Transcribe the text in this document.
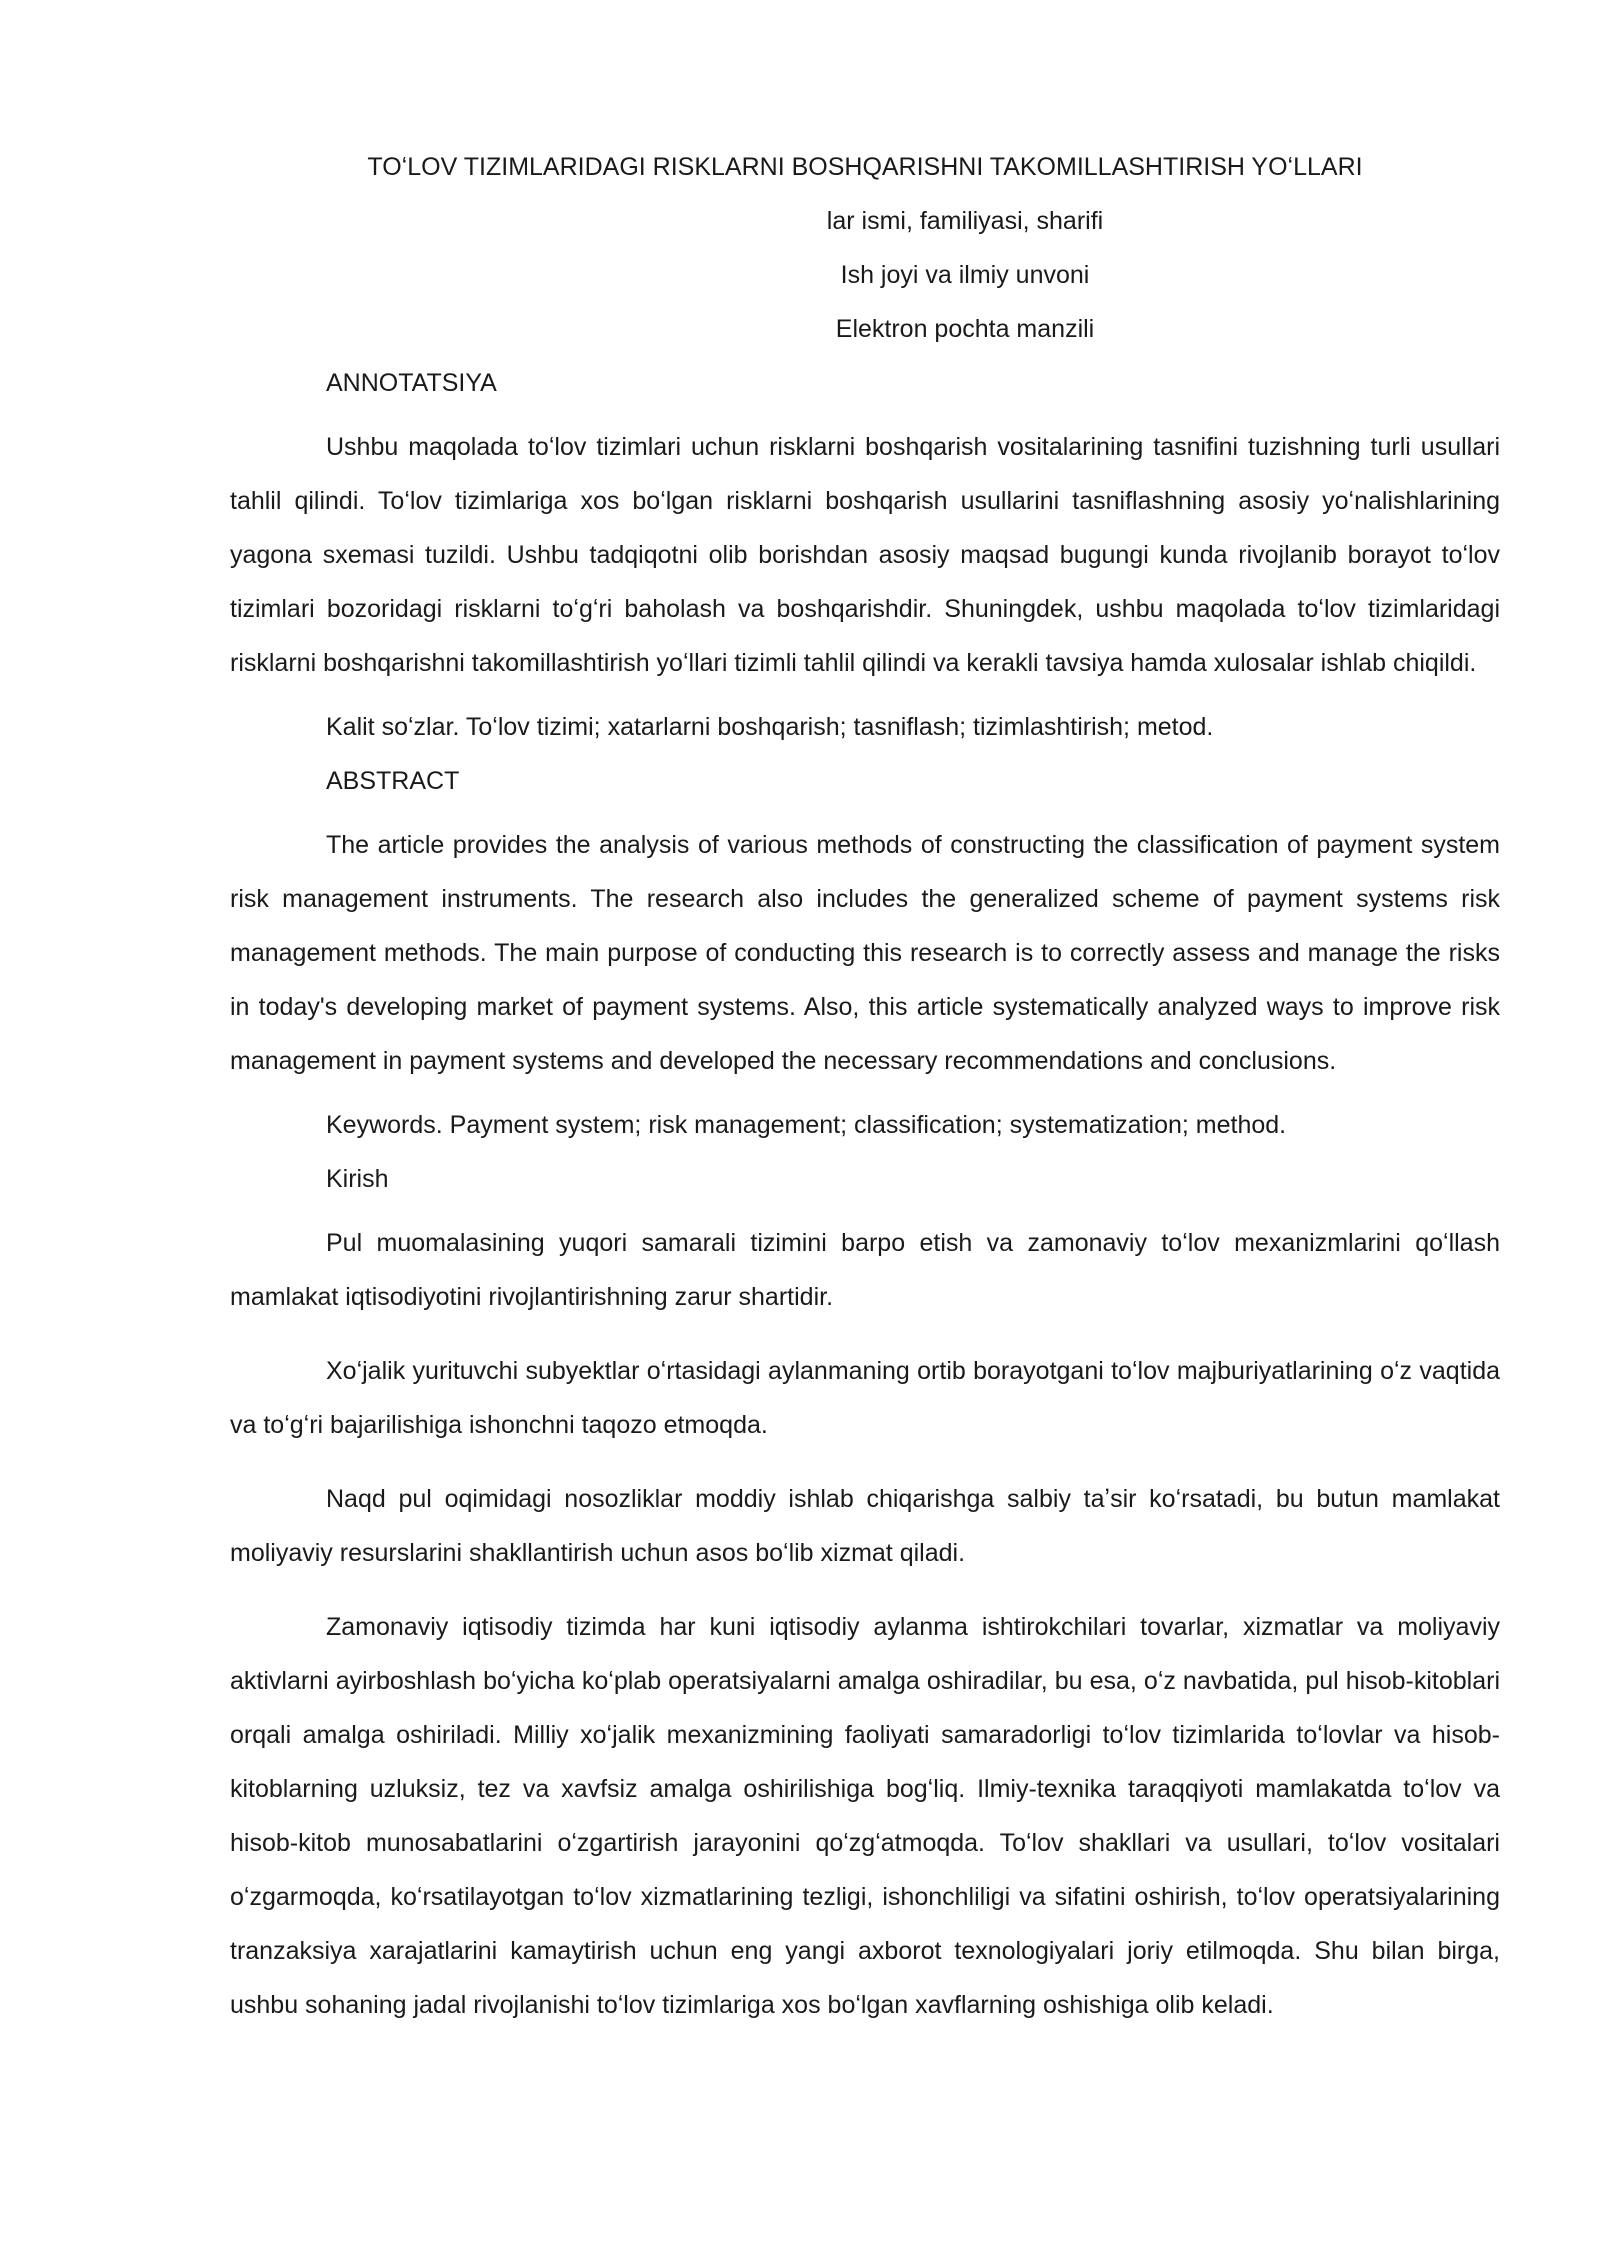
TOʻLOV TIZIMLARIDAGI RISKLARNI BOSHQARISHNI TAKOMILLASHTIRISH YOʻLLARI
lar ismi, familiyasi, sharifi
Ish joyi va ilmiy unvoni
Elektron pochta manzili
ANNOTATSIYA

Ushbu maqolada toʻlov tizimlari uchun risklarni boshqarish vositalarining tasnifini tuzishning turli usullari tahlil qilindi. Toʻlov tizimlariga xos boʻlgan risklarni boshqarish usullarini tasniflashning asosiy yoʻnalishlarining yagona sxemasi tuzildi. Ushbu tadqiqotni olib borishdan asosiy maqsad bugungi kunda rivojlanib borayot toʻlov tizimlari bozoridagi risklarni toʻgʻri baholash va boshqarishdir. Shuningdek, ushbu maqolada toʻlov tizimlaridagi risklarni boshqarishni takomillashtirish yoʻllari tizimli tahlil qilindi va kerakli tavsiya hamda xulosalar ishlab chiqildi.

Kalit soʻzlar. Toʻlov tizimi; xatarlarni boshqarish; tasniflash; tizimlashtirish; metod.
ABSTRACT

The article provides the analysis of various methods of constructing the classification of payment system risk management instruments. The research also includes the generalized scheme of payment systems risk management methods. The main purpose of conducting this research is to correctly assess and manage the risks in today's developing market of payment systems. Also, this article systematically analyzed ways to improve risk management in payment systems and developed the necessary recommendations and conclusions.

Keywords. Payment system; risk management; classification; systematization; method.
Kirish

Pul muomalasining yuqori samarali tizimini barpo etish va zamonaviy toʻlov mexanizmlarini qoʻllash mamlakat iqtisodiyotini rivojlantirishning zarur shartidir.

Xoʻjalik yurituvchi subyektlar oʻrtasidagi aylanmaning ortib borayotgani toʻlov majburiyatlarining oʻz vaqtida va toʻgʻri bajarilishiga ishonchni taqozo etmoqda.

Naqd pul oqimidagi nosozliklar moddiy ishlab chiqarishga salbiy taʼsir koʻrsatadi, bu butun mamlakat moliyaviy resurslarini shakllantirish uchun asos boʻlib xizmat qiladi.

Zamonaviy iqtisodiy tizimda har kuni iqtisodiy aylanma ishtirokchilari tovarlar, xizmatlar va moliyaviy aktivlarni ayirboshlash boʻyicha koʻplab operatsiyalarni amalga oshiradilar, bu esa, oʻz navbatida, pul hisob-kitoblari orqali amalga oshiriladi. Milliy xoʻjalik mexanizmining faoliyati samaradorligi toʻlov tizimlarida toʻlovlar va hisob-kitoblarning uzluksiz, tez va xavfsiz amalga oshirilishiga bogʻliq. Ilmiy-texnika taraqqiyoti mamlakatda toʻlov va hisob-kitob munosabatlarini oʻzgartirish jarayonini qoʻzgʻatmoqda. Toʻlov shakllari va usullari, toʻlov vositalari oʻzgarmoqda, koʻrsatilayotgan toʻlov xizmatlarining tezligi, ishonchliligi va sifatini oshirish, toʻlov operatsiyalarining tranzaksiya xarajatlarini kamaytirish uchun eng yangi axborot texnologiyalari joriy etilmoqda. Shu bilan birga, ushbu sohaning jadal rivojlanishi toʻlov tizimlariga xos boʻlgan xavflarning oshishiga olib keladi.
